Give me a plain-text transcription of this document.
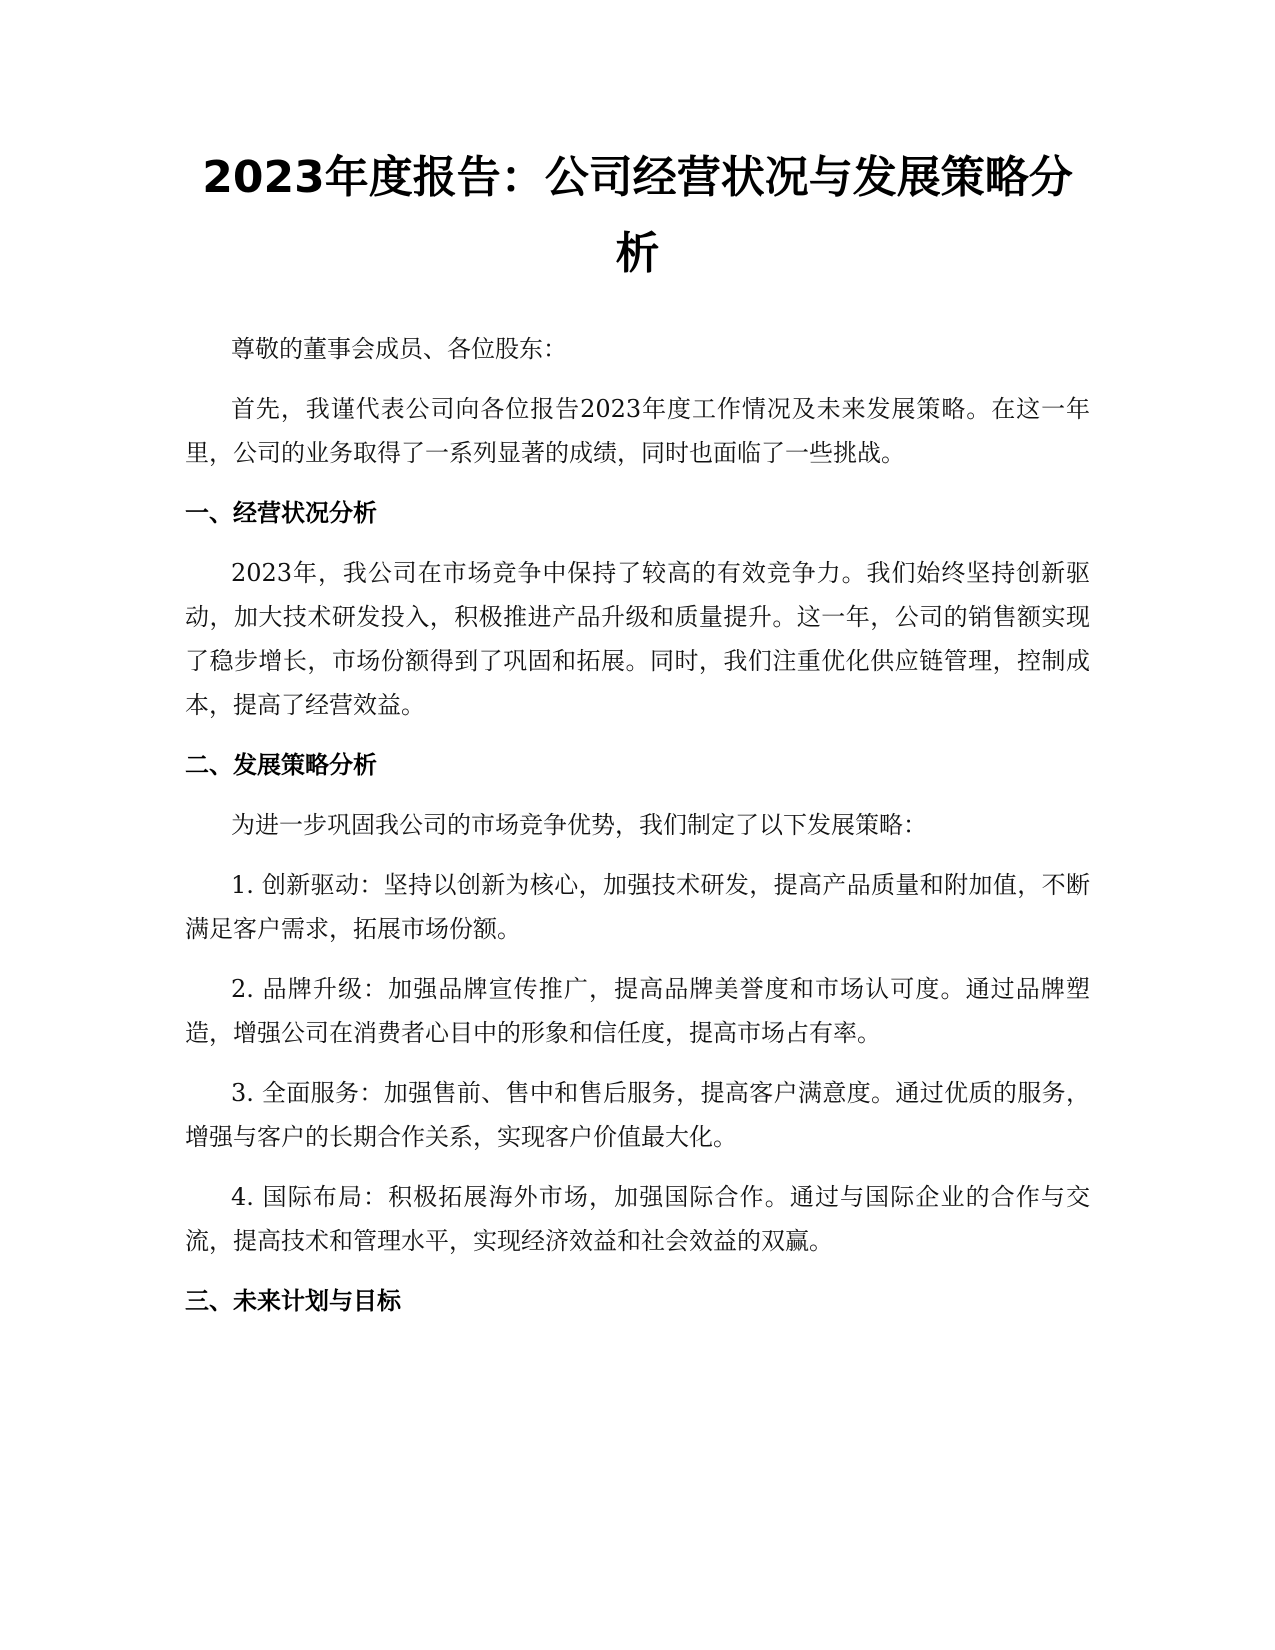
2023年度报告：公司经营状况与发展策略分析

尊敬的董事会成员、各位股东：

首先，我谨代表公司向各位报告2023年度工作情况及未来发展策略。在这一年里，公司的业务取得了一系列显著的成绩，同时也面临了一些挑战。

一、经营状况分析

2023年，我公司在市场竞争中保持了较高的有效竞争力。我们始终坚持创新驱动，加大技术研发投入，积极推进产品升级和质量提升。这一年，公司的销售额实现了稳步增长，市场份额得到了巩固和拓展。同时，我们注重优化供应链管理，控制成本，提高了经营效益。

二、发展策略分析

为进一步巩固我公司的市场竞争优势，我们制定了以下发展策略：

1. 创新驱动：坚持以创新为核心，加强技术研发，提高产品质量和附加值，不断满足客户需求，拓展市场份额。

2. 品牌升级：加强品牌宣传推广，提高品牌美誉度和市场认可度。通过品牌塑造，增强公司在消费者心目中的形象和信任度，提高市场占有率。

3. 全面服务：加强售前、售中和售后服务，提高客户满意度。通过优质的服务，增强与客户的长期合作关系，实现客户价值最大化。

4. 国际布局：积极拓展海外市场，加强国际合作。通过与国际企业的合作与交流，提高技术和管理水平，实现经济效益和社会效益的双赢。

三、未来计划与目标
